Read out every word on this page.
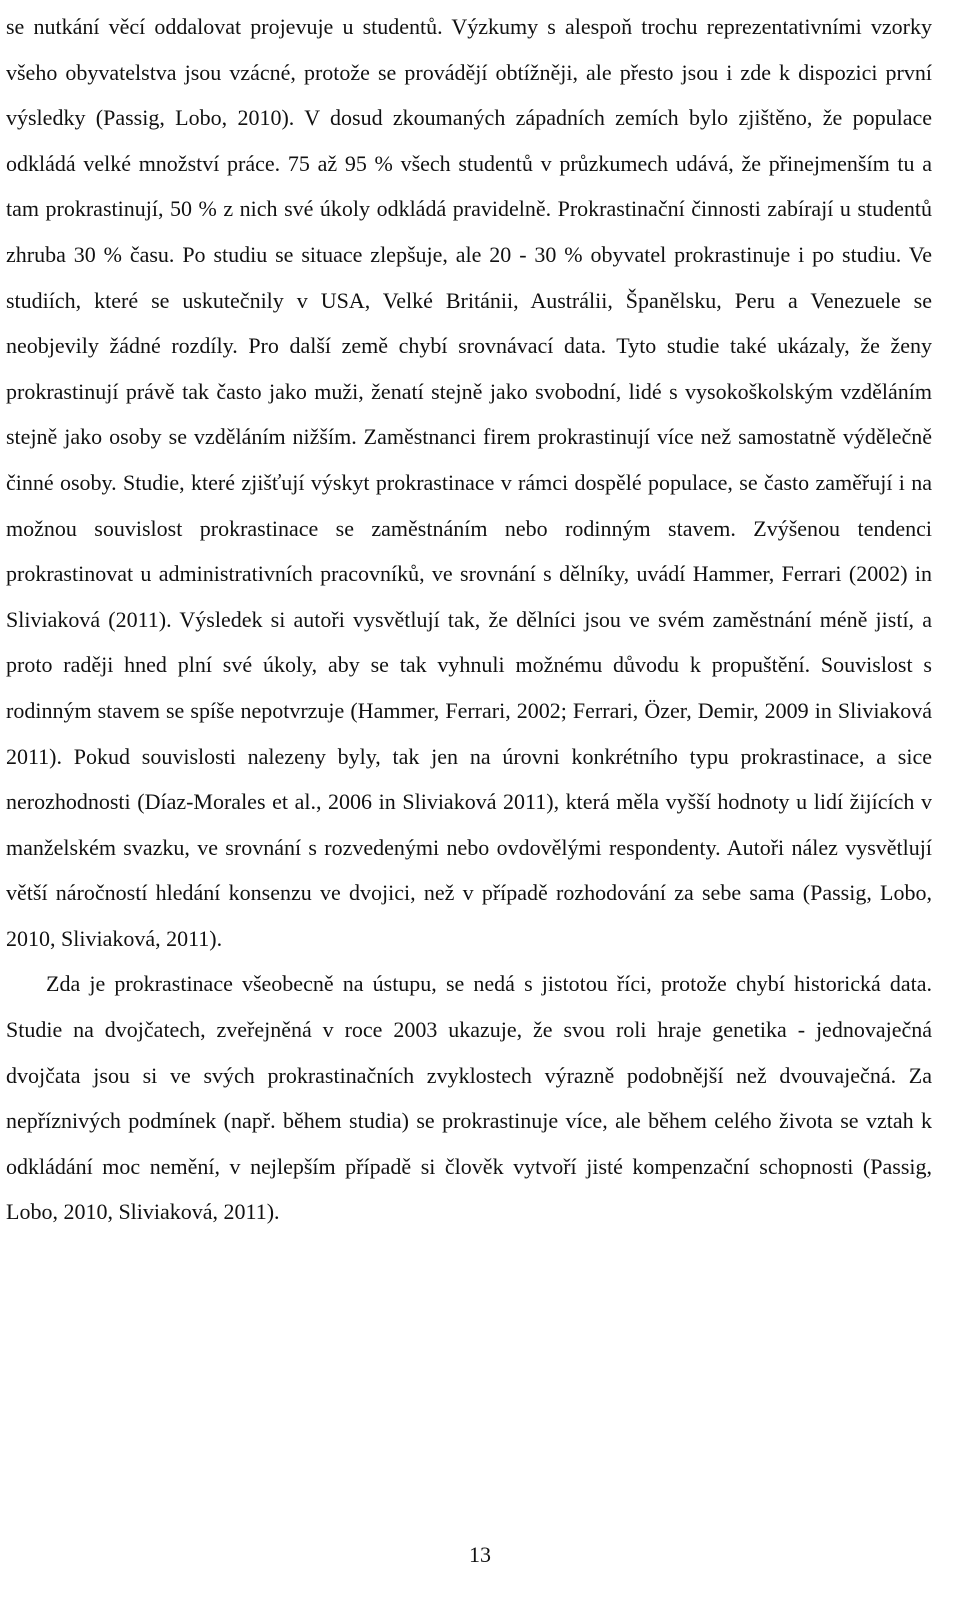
se nutkání věcí oddalovat projevuje u studentů. Výzkumy s alespoň trochu reprezentativními vzorky všeho obyvatelstva jsou vzácné, protože se provádějí obtížněji, ale přesto jsou i zde k dispozici první výsledky (Passig, Lobo, 2010). V dosud zkoumaných západních zemích bylo zjištěno, že populace odkládá velké množství práce. 75 až 95 % všech studentů v průzkumech udává, že přinejmenším tu a tam prokrastinují, 50 % z nich své úkoly odkládá pravidelně. Prokrastinační činnosti zabírají u studentů zhruba 30 % času. Po studiu se situace zlepšuje, ale 20 - 30 % obyvatel prokrastinuje i po studiu. Ve studiích, které se uskutečnily v USA, Velké Británii, Austrálii, Španělsku, Peru a Venezuele se neobjevily žádné rozdíly. Pro další země chybí srovnávací data. Tyto studie také ukázaly, že ženy prokrastinují právě tak často jako muži, ženatí stejně jako svobodní, lidé s vysokoškolským vzděláním stejně jako osoby se vzděláním nižším. Zaměstnanci firem prokrastinují více než samostatně výdělečně činné osoby. Studie, které zjišťují výskyt prokrastinace v rámci dospělé populace, se často zaměřují i na možnou souvislost prokrastinace se zaměstnáním nebo rodinným stavem. Zvýšenou tendenci prokrastinovat u administrativních pracovníků, ve srovnání s dělníky, uvádí Hammer, Ferrari (2002) in Sliviaková (2011). Výsledek si autoři vysvětlují tak, že dělníci jsou ve svém zaměstnání méně jistí, a proto raději hned plní své úkoly, aby se tak vyhnuli možnému důvodu k propuštění. Souvislost s rodinným stavem se spíše nepotvrzuje (Hammer, Ferrari, 2002; Ferrari, Özer, Demir, 2009 in Sliviaková 2011). Pokud souvislosti nalezeny byly, tak jen na úrovni konkrétního typu prokrastinace, a sice nerozhodnosti (Díaz-Morales et al., 2006 in Sliviaková 2011), která měla vyšší hodnoty u lidí žijících v manželském svazku, ve srovnání s rozvedenými nebo ovdovělými respondenty. Autoři nález vysvětlují větší náročností hledání konsenzu ve dvojici, než v případě rozhodování za sebe sama (Passig, Lobo, 2010, Sliviaková, 2011).

Zda je prokrastinace všeobecně na ústupu, se nedá s jistotou říci, protože chybí historická data. Studie na dvojčatech, zveřejněná v roce 2003 ukazuje, že svou roli hraje genetika - jednovaječná dvojčata jsou si ve svých prokrastinačních zvyklostech výrazně podobnější než dvouvaječná. Za nepříznivých podmínek (např. během studia) se prokrastinuje více, ale během celého života se vztah k odkládání moc nemění, v nejlepším případě si člověk vytvoří jisté kompenzační schopnosti (Passig, Lobo, 2010, Sliviaková, 2011).

13
